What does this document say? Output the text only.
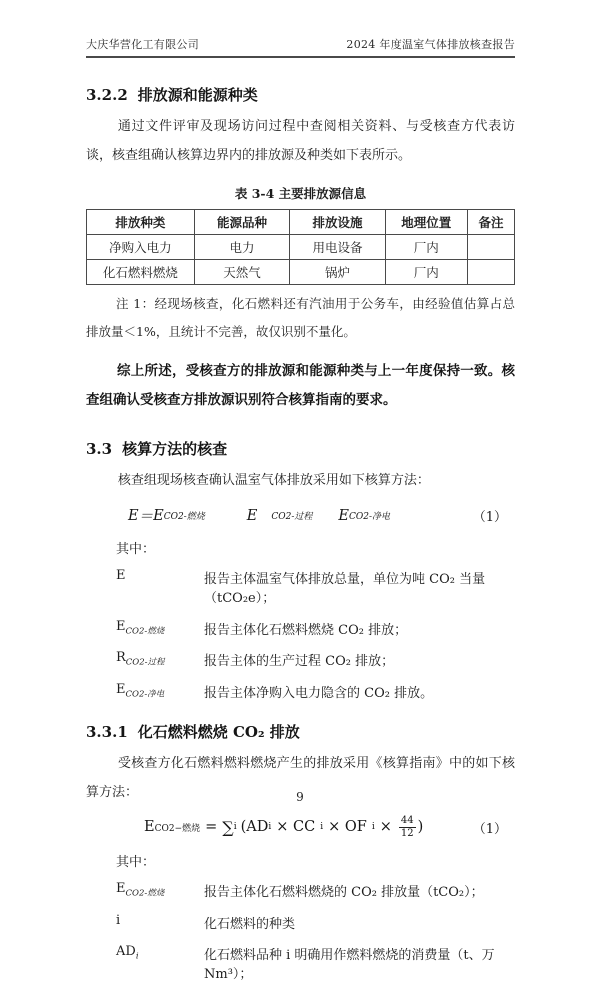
大庆华营化工有限公司	2024 年度温室气体排放核查报告
3.2.2 排放源和能源种类

通过文件评审及现场访问过程中查阅相关资料、与受核查方代表访谈，核查组确认核算边界内的排放源及种类如下表所示。

表 3-4 主要排放源信息
排放种类	能源品种	排放设施	地理位置	备注
净购入电力	电力	用电设备	厂内	
化石燃料燃烧	天然气	锅炉	厂内	

注 1：经现场核查，化石燃料还有汽油用于公务车，由经验值估算占总排放量＜1%，且统计不完善，故仅识别不量化。

综上所述，受核查方的排放源和能源种类与上一年度保持一致。核查组确认受核查方排放源识别符合核算指南的要求。

3.3 核算方法的核查

核查组现场核查确认温室气体排放采用如下核算方法：

E ＝ E CO2-燃烧	E CO2-过程 E CO2-净电	（1）

其中：

E	报告主体温室气体排放总量，单位为吨 CO₂ 当量（tCO₂e）；
$E_{CO2-燃烧}$	报告主体化石燃料燃烧 CO₂ 排放；
$R_{CO2-过程}$	报告主体的生产过程 CO₂ 排放；
$E_{CO2-净电}$	报告主体净购入电力隐含的 CO₂ 排放。
3.3.1 化石燃料燃烧 CO₂ 排放

受核查方化石燃料燃料燃烧产生的排放采用《核算指南》中的如下核算方法：

E CO2−燃烧 = ∑ i (AD i × CC i × OF $i \times \frac{44}{12}$ )	（1）

其中：

$E_{CO2-燃烧}$	报告主体化石燃料燃烧的 CO₂ 排放量（tCO₂）；
i	化石燃料的种类
$AD_i$	化石燃料品种 i 明确用作燃料燃烧的消费量（t、万 Nm³）；
9
